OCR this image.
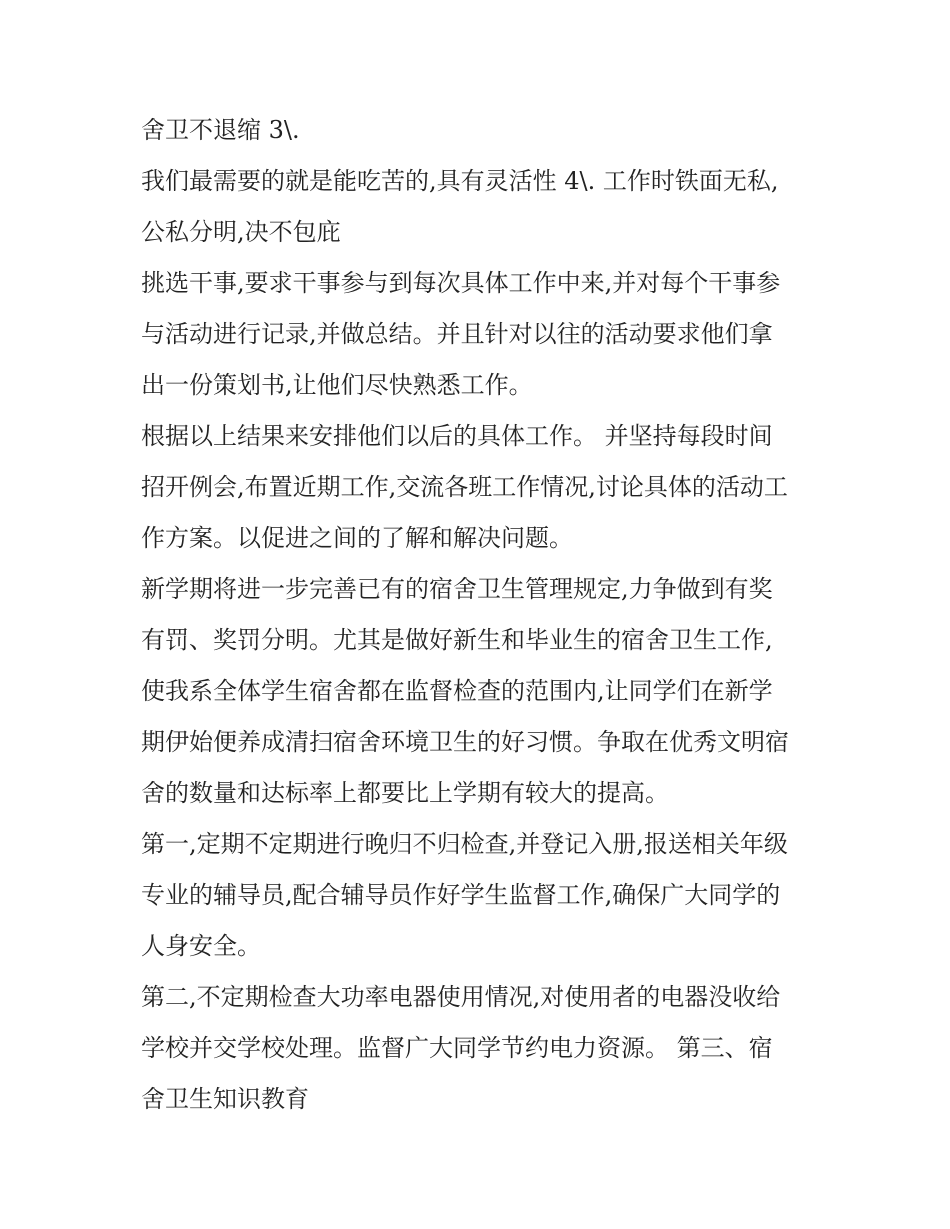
舍卫不退缩 3\.

我们最需要的就是能吃苦的,具有灵活性 4\. 工作时铁面无私,
公私分明,决不包庇

挑选干事,要求干事参与到每次具体工作中来,并对每个干事参
与活动进行记录,并做总结。并且针对以往的活动要求他们拿
出一份策划书,让他们尽快熟悉工作。

根据以上结果来安排他们以后的具体工作。 并坚持每段时间
招开例会,布置近期工作,交流各班工作情况,讨论具体的活动工
作方案。以促进之间的了解和解决问题。

新学期将进一步完善已有的宿舍卫生管理规定,力争做到有奖
有罚、奖罚分明。尤其是做好新生和毕业生的宿舍卫生工作,
使我系全体学生宿舍都在监督检查的范围内,让同学们在新学
期伊始便养成清扫宿舍环境卫生的好习惯。争取在优秀文明宿
舍的数量和达标率上都要比上学期有较大的提高。

第一,定期不定期进行晚归不归检查,并登记入册,报送相关年级
专业的辅导员,配合辅导员作好学生监督工作,确保广大同学的
人身安全。

第二,不定期检查大功率电器使用情况,对使用者的电器没收给
学校并交学校处理。监督广大同学节约电力资源。 第三、宿
舍卫生知识教育
